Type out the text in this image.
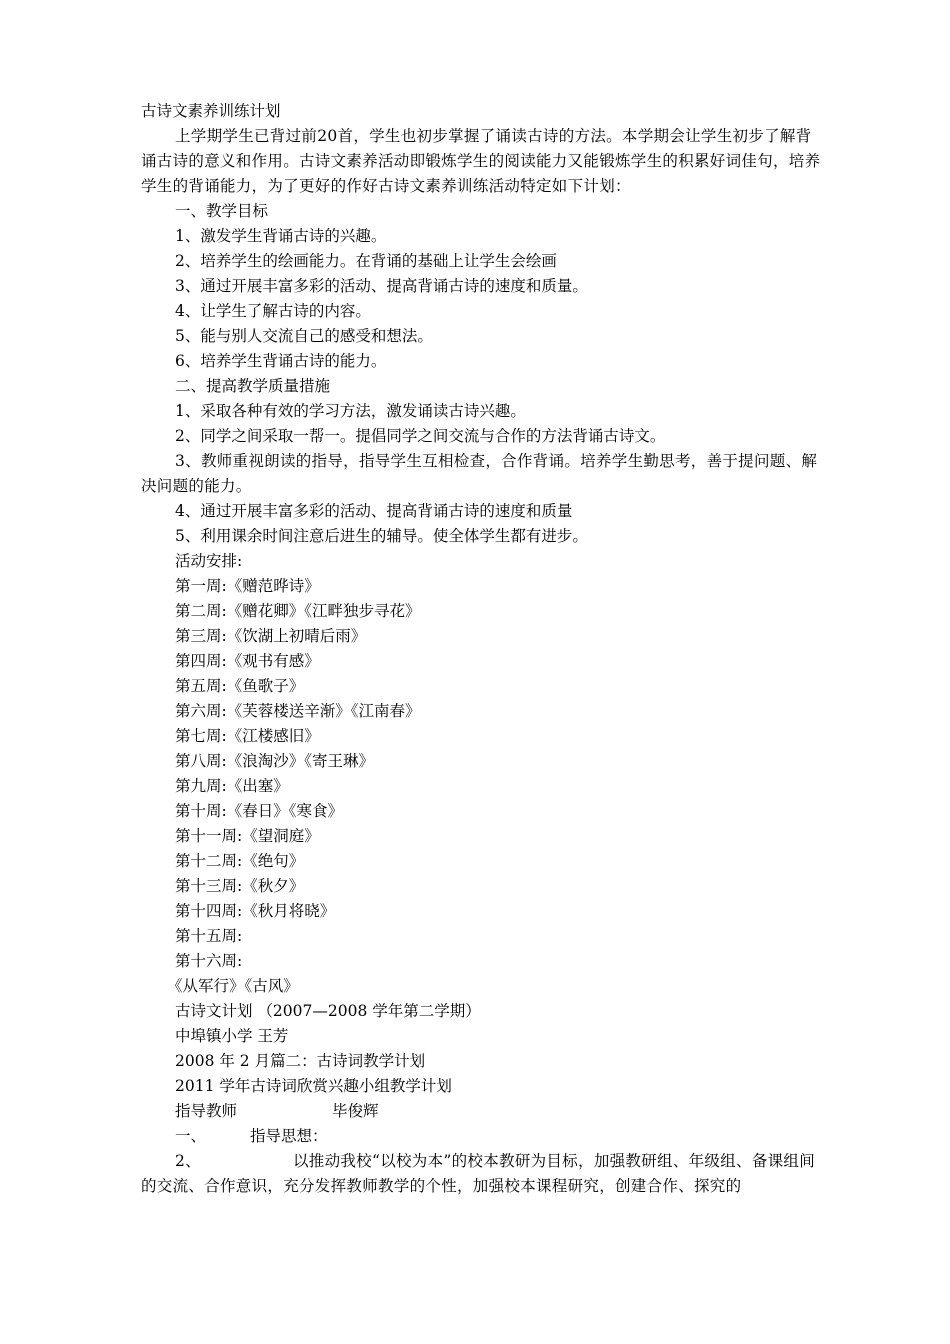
古诗文素养训练计划
上学期学生已背过前20首，学生也初步掌握了诵读古诗的方法。本学期会让学生初步了解背诵古诗的意义和作用。古诗文素养活动即锻炼学生的阅读能力又能锻炼学生的积累好词佳句，培养学生的背诵能力，为了更好的作好古诗文素养训练活动特定如下计划：
一、教学目标
1、激发学生背诵古诗的兴趣。
2、培养学生的绘画能力。在背诵的基础上让学生会绘画
3、通过开展丰富多彩的活动、提高背诵古诗的速度和质量。
4、让学生了解古诗的内容。
5、能与别人交流自己的感受和想法。
6、培养学生背诵古诗的能力。
二、提高教学质量措施
1、采取各种有效的学习方法，激发诵读古诗兴趣。
2、同学之间采取一帮一。提倡同学之间交流与合作的方法背诵古诗文。
3、教师重视朗读的指导，指导学生互相检查，合作背诵。培养学生勤思考，善于提问题、解决问题的能力。
4、通过开展丰富多彩的活动、提高背诵古诗的速度和质量
5、利用课余时间注意后进生的辅导。使全体学生都有进步。
活动安排:
第一周:《赠范晔诗》
第二周:《赠花卿》《江畔独步寻花》
第三周:《饮湖上初晴后雨》
第四周:《观书有感》
第五周:《鱼歌子》
第六周:《芙蓉楼送辛渐》《江南春》
第七周:《江楼感旧》
第八周:《浪淘沙》《寄王琳》
第九周:《出塞》
第十周:《春日》《寒食》
第十一周:《望洞庭》
第十二周:《绝句》
第十三周:《秋夕》
第十四周:《秋月将晓》
第十五周:
第十六周:
《从军行》《古风》
古诗文计划 （2007—2008 学年第二学期）
中埠镇小学 王芳
2008 年 2 月篇二：古诗词教学计划
2011 学年古诗词欣赏兴趣小组教学计划
指导教师	毕俊辉
一、	指导思想：
2、	以推动我校“以校为本”的校本教研为目标，加强教研组、年级组、备课组间的交流、合作意识，充分发挥教师教学的个性，加强校本课程研究，创建合作、探究的
